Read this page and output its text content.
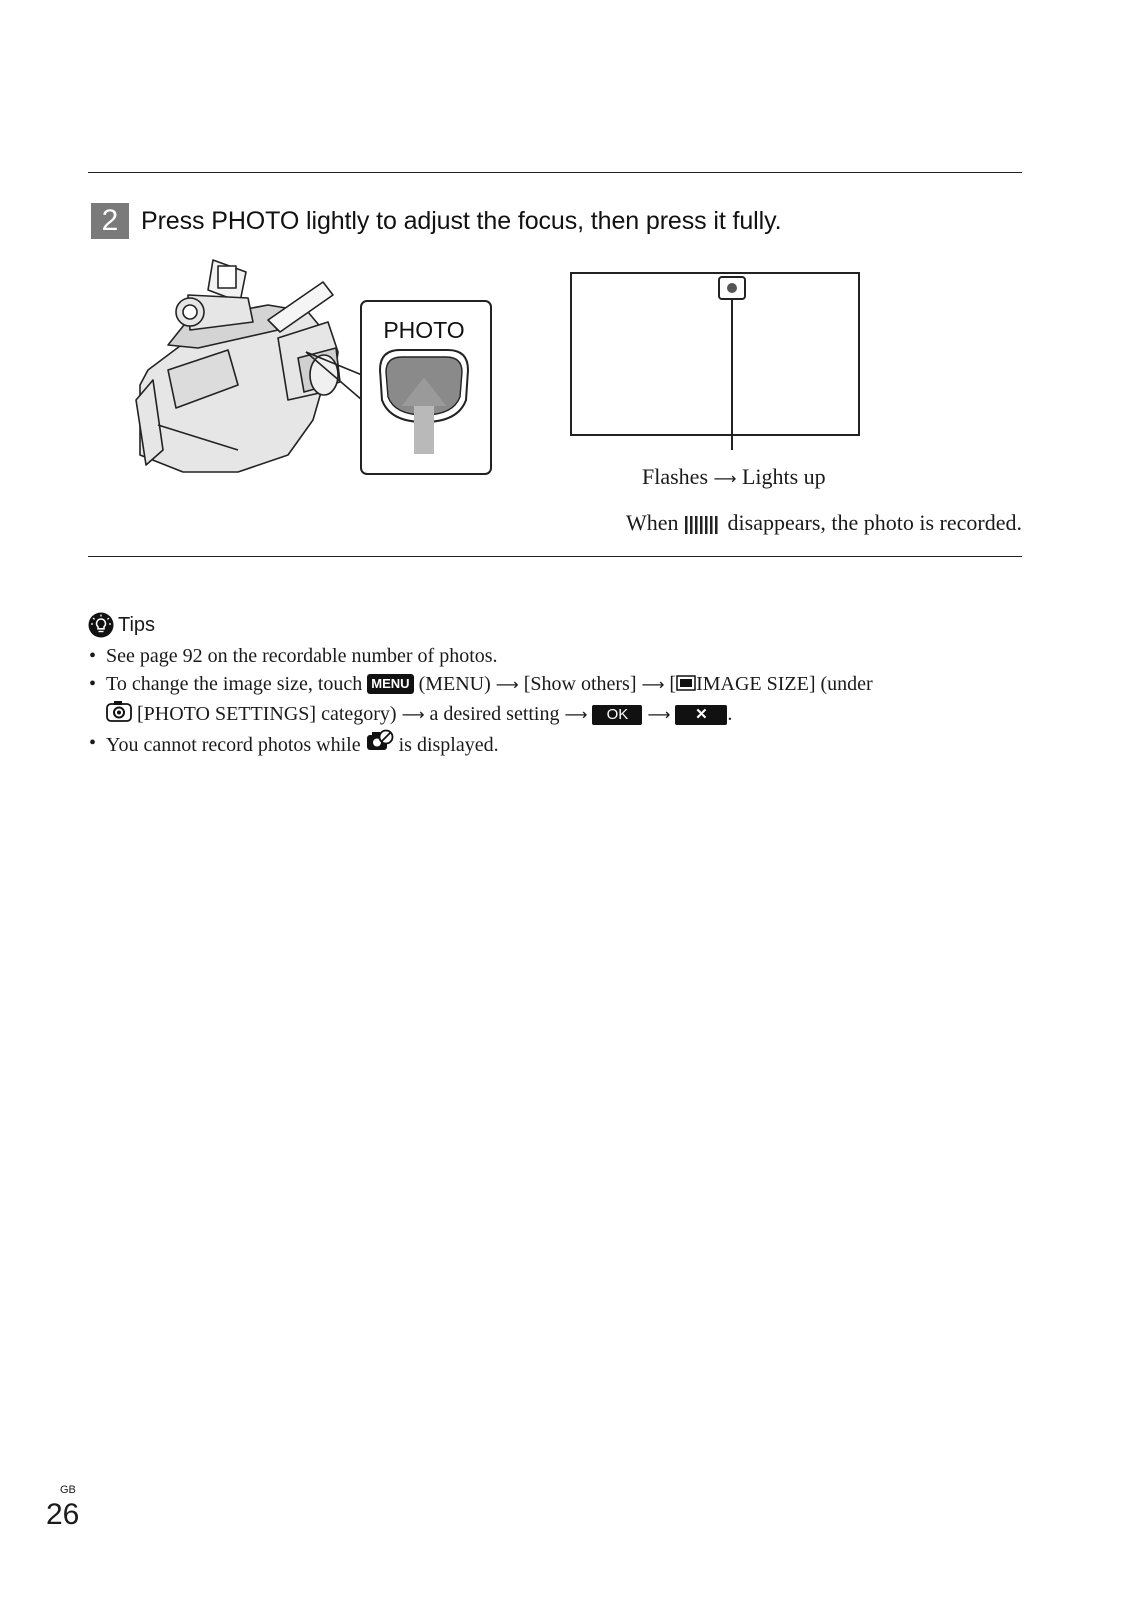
2 Press PHOTO lightly to adjust the focus, then press it fully.
PHOTO
Flashes ⟶ Lights up
When disappears, the photo is recorded.
Tips
• See page 92 on the recordable number of photos.
• To change the image size, touch MENU (MENU) ⟶ [Show others] ⟶ [ IMAGE SIZE] (under
[PHOTO SETTINGS] category) ⟶ a desired setting ⟶ OK ⟶ ✕ .
• You cannot record photos while is displayed.
GB
26
